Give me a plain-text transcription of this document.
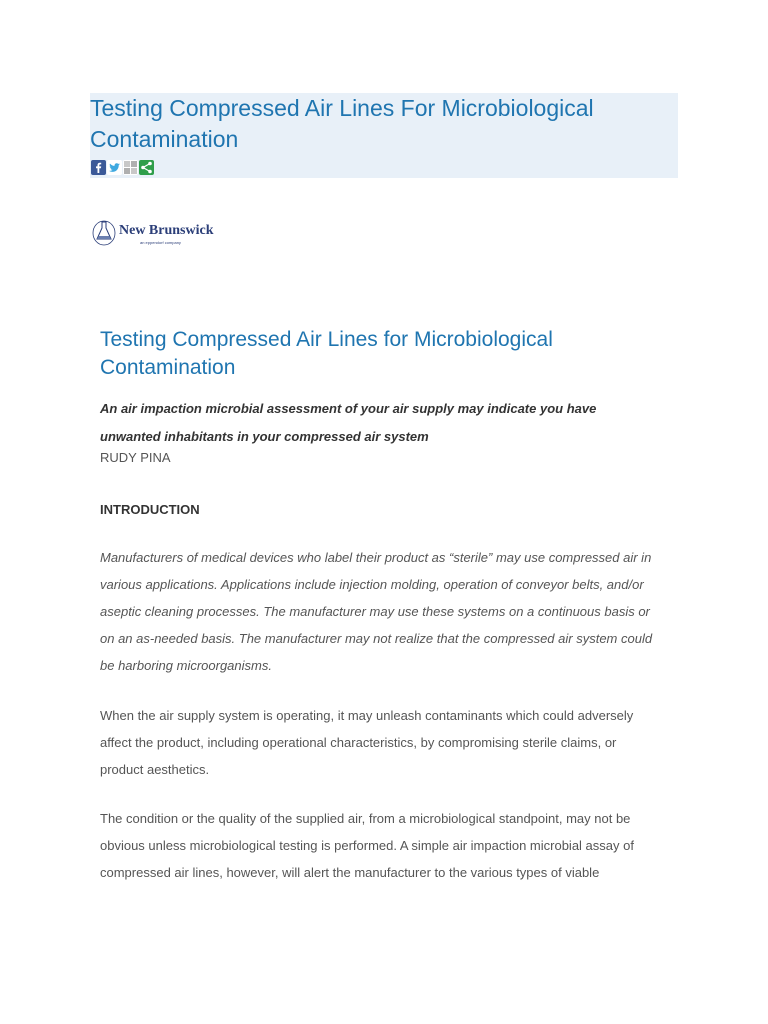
Testing Compressed Air Lines For Microbiological Contamination
New Brunswick
an eppendorf company
Testing Compressed Air Lines for Microbiological Contamination

An air impaction microbial assessment of your air supply may indicate you have unwanted inhabitants in your compressed air system

RUDY PINA
INTRODUCTION

Manufacturers of medical devices who label their product as “sterile” may use compressed air in various applications. Applications include injection molding, operation of conveyor belts, and/or aseptic cleaning processes. The manufacturer may use these systems on a continuous basis or on an as-needed basis. The manufacturer may not realize that the compressed air system could be harboring microorganisms.

When the air supply system is operating, it may unleash contaminants which could adversely affect the product, including operational characteristics, by compromising sterile claims, or product aesthetics.

The condition or the quality of the supplied air, from a microbiological standpoint, may not be obvious unless microbiological testing is performed. A simple air impaction microbial assay of compressed air lines, however, will alert the manufacturer to the various types of viable
